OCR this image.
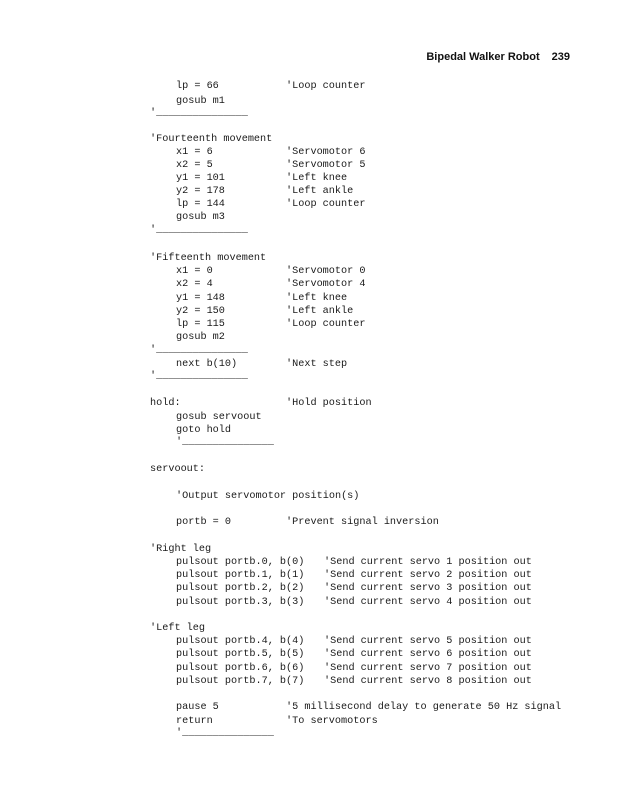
Bipedal Walker Robot 239
lp = 66	'Loop counter
gosub m1
'_______________
'Fourteenth movement
x1 = 6	'Servomotor 6
x2 = 5	'Servomotor 5
y1 = 101	'Left knee
y2 = 178	'Left ankle
lp = 144	'Loop counter
gosub m3
'_______________
'Fifteenth movement
x1 = 0	'Servomotor 0
x2 = 4	'Servomotor 4
y1 = 148	'Left knee
y2 = 150	'Left ankle
lp = 115	'Loop counter
gosub m2
'_______________
next b(10)	'Next step
'_______________
hold:	'Hold position
gosub servoout
goto hold
'_______________
servoout:
'Output servomotor position(s)
portb = 0	'Prevent signal inversion
'Right leg
pulsout portb.0, b(0) 'Send current servo 1 position out
pulsout portb.1, b(1) 'Send current servo 2 position out
pulsout portb.2, b(2) 'Send current servo 3 position out
pulsout portb.3, b(3) 'Send current servo 4 position out
'Left leg
pulsout portb.4, b(4) 'Send current servo 5 position out
pulsout portb.5, b(5) 'Send current servo 6 position out
pulsout portb.6, b(6) 'Send current servo 7 position out
pulsout portb.7, b(7) 'Send current servo 8 position out
pause 5	'5 millisecond delay to generate 50 Hz signal
return	'To servomotors
'_______________
